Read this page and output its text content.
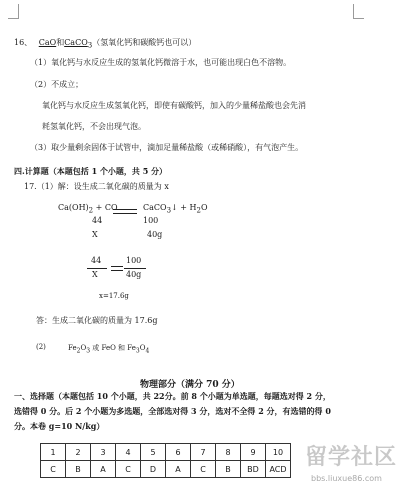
16、 CaO和CaCO$_3$（氢氧化钙和碳酸钙也可以）
（1）氧化钙与水反应生成的氢氧化钙微溶于水，也可能出现白色不溶物。
（2）不成立；
氧化钙与水反应生成氢氧化钙，即使有碳酸钙，加入的少量稀盐酸也会先消
耗氢氧化钙，不会出现气泡。
（3）取少量剩余固体于试管中，滴加足量稀盐酸（或稀硝酸），有气泡产生。
四.计算题（本题包括 1 个小题，共 5 分）
17.（1）解：设生成二氧化碳的质量为 x
$Ca(OH)_2$ + CO	CaCO$_3$↓ + $H_2O$
44	100
X	40g
44
X
100
40g
x=17.6g
答：生成二氧化碳的质量为 17.6g
(2)	$Fe_2O_3$ 或 FeO 和 $Fe_3O_4$
物理部分（满分 70 分）
一、选择题（本题包括 10 个小题，共 22分。前 8 个小题为单选题，每题选对得 2 分，
选错得 0 分。后 2 个小题为多选题，全部选对得 3 分，选对不全得 2 分，有选错的得 0
分。本卷 g=10 N/kg）
1	2	3	4	5	6	7	8	9	10
C	B	A	C	D	A	C	B	BD	ACD 留学社区
bbs.liuxue86.com
